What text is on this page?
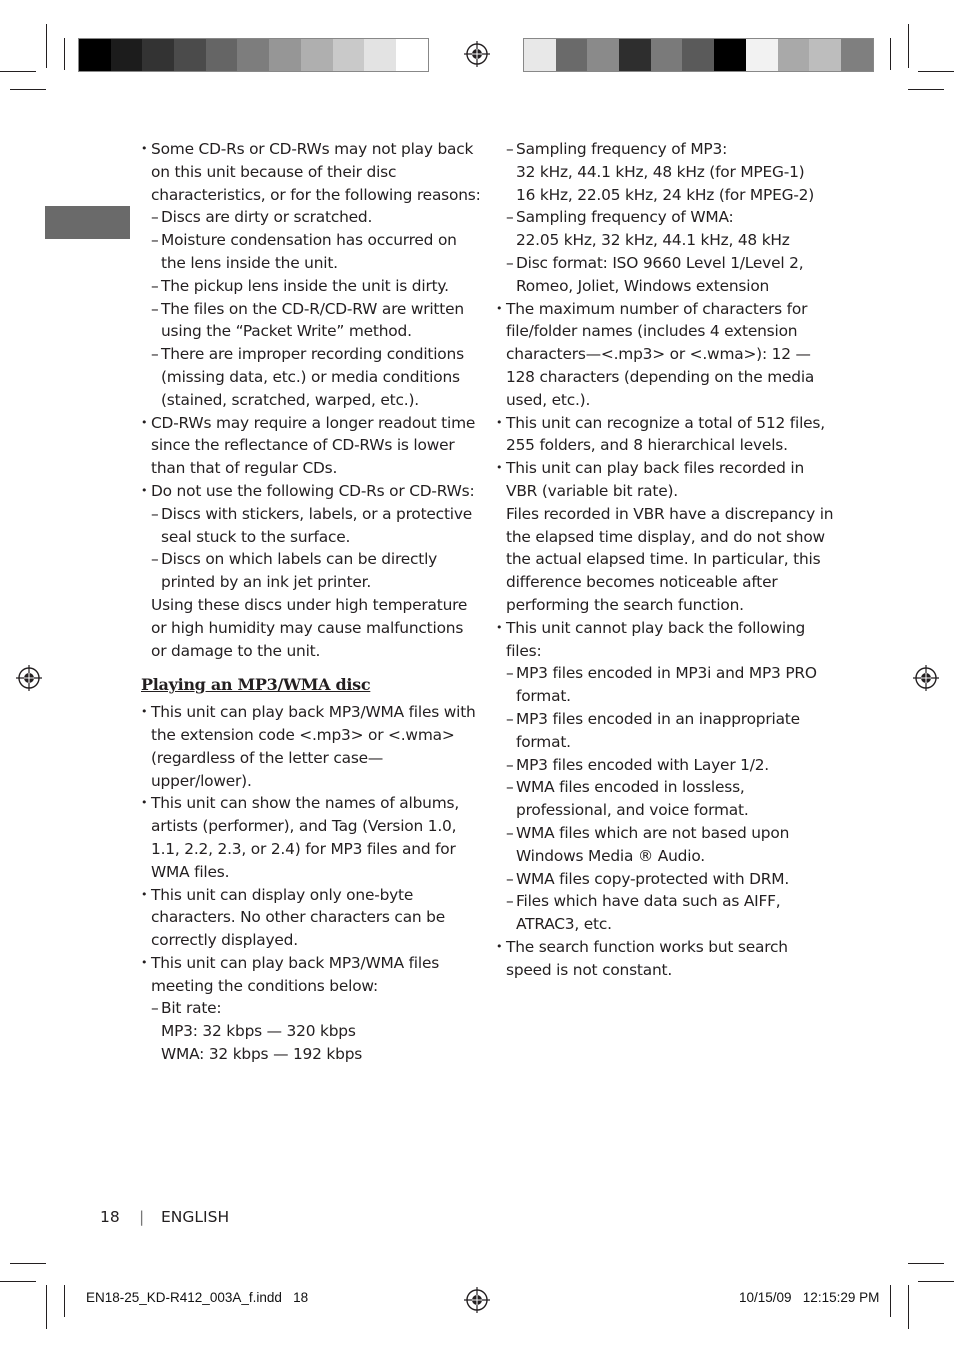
• Some CD-Rs or CD-RWs may not play back on this unit because of their disc characteristics, or for the following reasons:
– Discs are dirty or scratched.
– Moisture condensation has occurred on the lens inside the unit.
– The pickup lens inside the unit is dirty.
– The files on the CD-R/CD-RW are written using the “Packet Write” method.
– There are improper recording conditions (missing data, etc.) or media conditions (stained, scratched, warped, etc.).
• CD-RWs may require a longer readout time since the reflectance of CD-RWs is lower than that of regular CDs.
• Do not use the following CD-Rs or CD-RWs:
– Discs with stickers, labels, or a protective seal stuck to the surface.
– Discs on which labels can be directly printed by an ink jet printer.
Using these discs under high temperature or high humidity may cause malfunctions or damage to the unit.
Playing an MP3/WMA disc
• This unit can play back MP3/WMA files with the extension code <.mp3> or <.wma> (regardless of the letter case—upper/lower).
• This unit can show the names of albums, artists (performer), and Tag (Version 1.0, 1.1, 2.2, 2.3, or 2.4) for MP3 files and for WMA files.
• This unit can display only one-byte characters. No other characters can be correctly displayed.
• This unit can play back MP3/WMA files meeting the conditions below:
– Bit rate:
MP3: 32 kbps — 320 kbps
WMA: 32 kbps — 192 kbps
– Sampling frequency of MP3:
32 kHz, 44.1 kHz, 48 kHz (for MPEG-1)
16 kHz, 22.05 kHz, 24 kHz (for MPEG-2)
– Sampling frequency of WMA:
22.05 kHz, 32 kHz, 44.1 kHz, 48 kHz
– Disc format: ISO 9660 Level 1/Level 2, Romeo, Joliet, Windows extension
• The maximum number of characters for file/folder names (includes 4 extension characters—<.mp3> or <.wma>): 12 — 128 characters (depending on the media used, etc.).
• This unit can recognize a total of 512 files, 255 folders, and 8 hierarchical levels.
• This unit can play back files recorded in VBR (variable bit rate).
Files recorded in VBR have a discrepancy in the elapsed time display, and do not show the actual elapsed time. In particular, this difference becomes noticeable after performing the search function.
• This unit cannot play back the following files:
– MP3 files encoded in MP3i and MP3 PRO format.
– MP3 files encoded in an inappropriate format.
– MP3 files encoded with Layer 1/2.
– WMA files encoded in lossless, professional, and voice format.
– WMA files which are not based upon Windows Media ® Audio.
– WMA files copy-protected with DRM.
– Files which have data such as AIFF, ATRAC3, etc.
• The search function works but search speed is not constant.
18 | ENGLISH
EN18-25_KD-R412_003A_f.indd   18	10/15/09   12:15:29 PM
